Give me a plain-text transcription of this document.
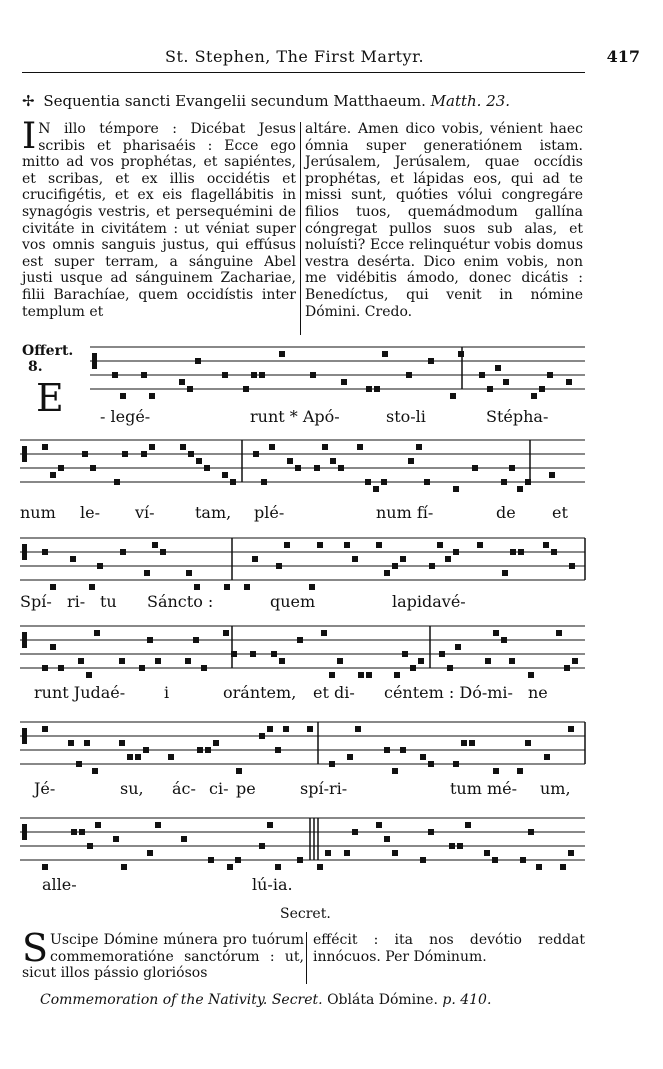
St. Stephen, The First Martyr.	417
✢ Sequentia sancti Evangelii secundum Matthaeum. Matth. 23.
I N illo témpore : Dicébat Jesus scribis et pharisaéis : Ecce ego mitto ad vos prophétas, et sapiéntes, et scribas, et ex illis occidétis et crucifigétis, et ex eis flagellábitis in synagógis vestris, et persequémini de civitáte in civitátem : ut véniat super vos omnis sanguis justus, qui effúsus est super terram, a sánguine Abel justi usque ad sánguinem Zachariae, filii Barachíae, quem occidístis inter templum et
altáre. Amen dico vobis, vénient haec ómnia super generatiónem istam. Jerúsalem, Jerúsalem, quae occídis prophétas, et lápidas eos, qui ad te missi sunt, quóties vólui congregáre filios tuos, quemádmodum gallína cóngregat pullos suos sub alas, et noluísti? Ecce relinquétur vobis domus vestra desérta. Dico enim vobis, non me vidébitis ámodo, donec dicátis : Benedíctus, qui venit in nómine Dómini. Credo.
Offert.
8.
E - legé-	runt * Apó-	sto-li	Stépha-
num le- ví-	tam, plé-	num fí-	de et
Spí- ri- tu Sáncto :	quem	lapidavé-
runt Judaé- i	orántem, et di- céntem : Dó-mi- ne
Jé-	su, ác- ci- pe	spí-ri-	tum mé- um,
alle-	lú-ia.
Secret.
S Uscipe Dómine múnera pro tuórum commemoratióne sanctórum : ut, sicut illos pássio gloriósos
effécit : ita nos devótio reddat innócuos. Per Dóminum.
Commemoration of the Nativity. Secret. Obláta Dómine. p. 410.
